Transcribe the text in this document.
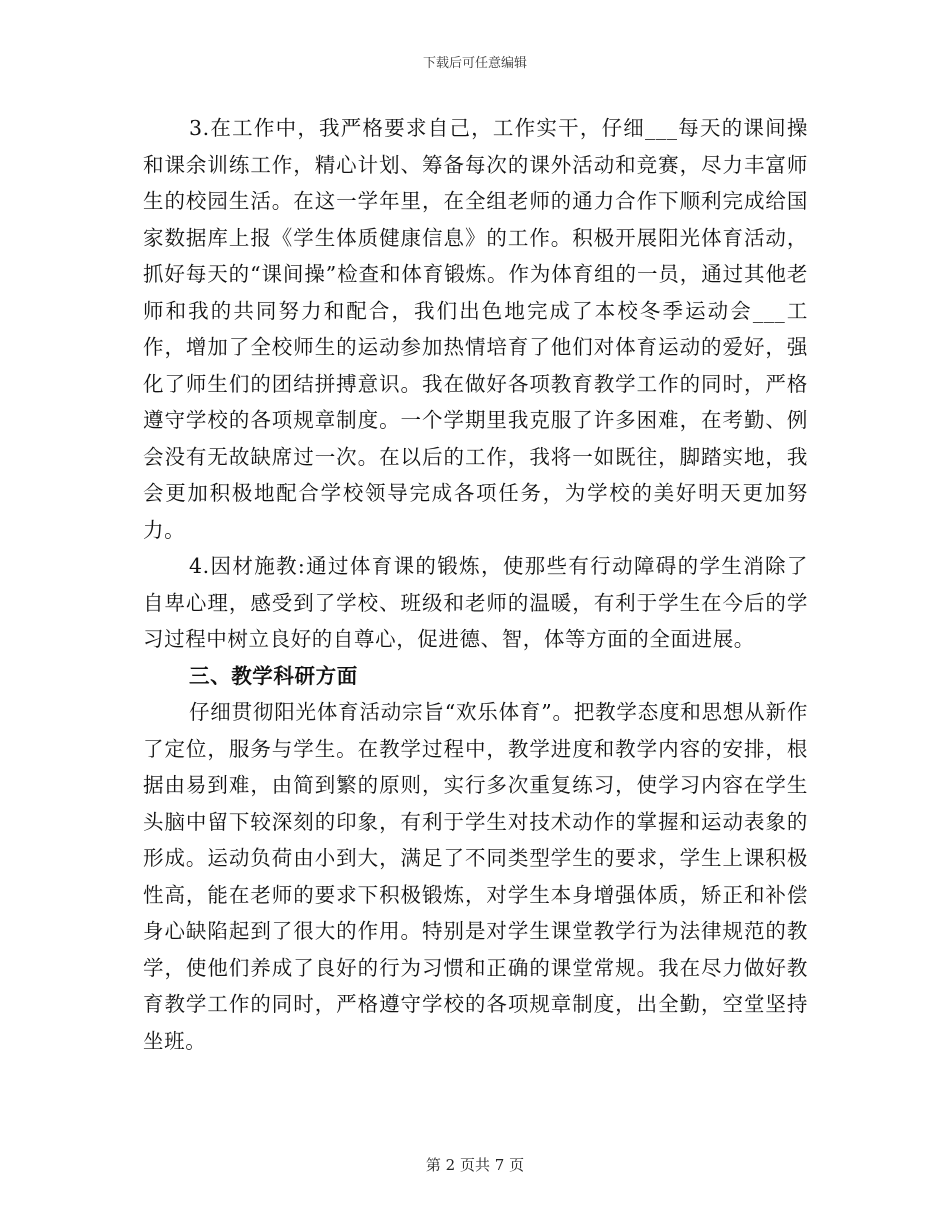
下载后可任意编辑

3.在工作中，我严格要求自己，工作实干，仔细___每天的课间操和课余训练工作，精心计划、筹备每次的课外活动和竞赛，尽力丰富师生的校园生活。在这一学年里，在全组老师的通力合作下顺利完成给国家数据库上报《学生体质健康信息》的工作。积极开展阳光体育活动，抓好每天的“课间操”检查和体育锻炼。作为体育组的一员，通过其他老师和我的共同努力和配合，我们出色地完成了本校冬季运动会___工作，增加了全校师生的运动参加热情培育了他们对体育运动的爱好，强化了师生们的团结拼搏意识。我在做好各项教育教学工作的同时，严格遵守学校的各项规章制度。一个学期里我克服了许多困难，在考勤、例会没有无故缺席过一次。在以后的工作，我将一如既往，脚踏实地，我会更加积极地配合学校领导完成各项任务，为学校的美好明天更加努力。

4.因材施教:通过体育课的锻炼，使那些有行动障碍的学生消除了自卑心理，感受到了学校、班级和老师的温暖，有利于学生在今后的学习过程中树立良好的自尊心，促进德、智，体等方面的全面进展。

三、教学科研方面

仔细贯彻阳光体育活动宗旨“欢乐体育”。把教学态度和思想从新作了定位，服务与学生。在教学过程中，教学进度和教学内容的安排，根据由易到难，由简到繁的原则，实行多次重复练习，使学习内容在学生头脑中留下较深刻的印象，有利于学生对技术动作的掌握和运动表象的形成。运动负荷由小到大，满足了不同类型学生的要求，学生上课积极性高，能在老师的要求下积极锻炼，对学生本身增强体质，矫正和补偿身心缺陷起到了很大的作用。特别是对学生课堂教学行为法律规范的教学，使他们养成了良好的行为习惯和正确的课堂常规。我在尽力做好教育教学工作的同时，严格遵守学校的各项规章制度，出全勤，空堂坚持坐班。

第 2 页共 7 页
